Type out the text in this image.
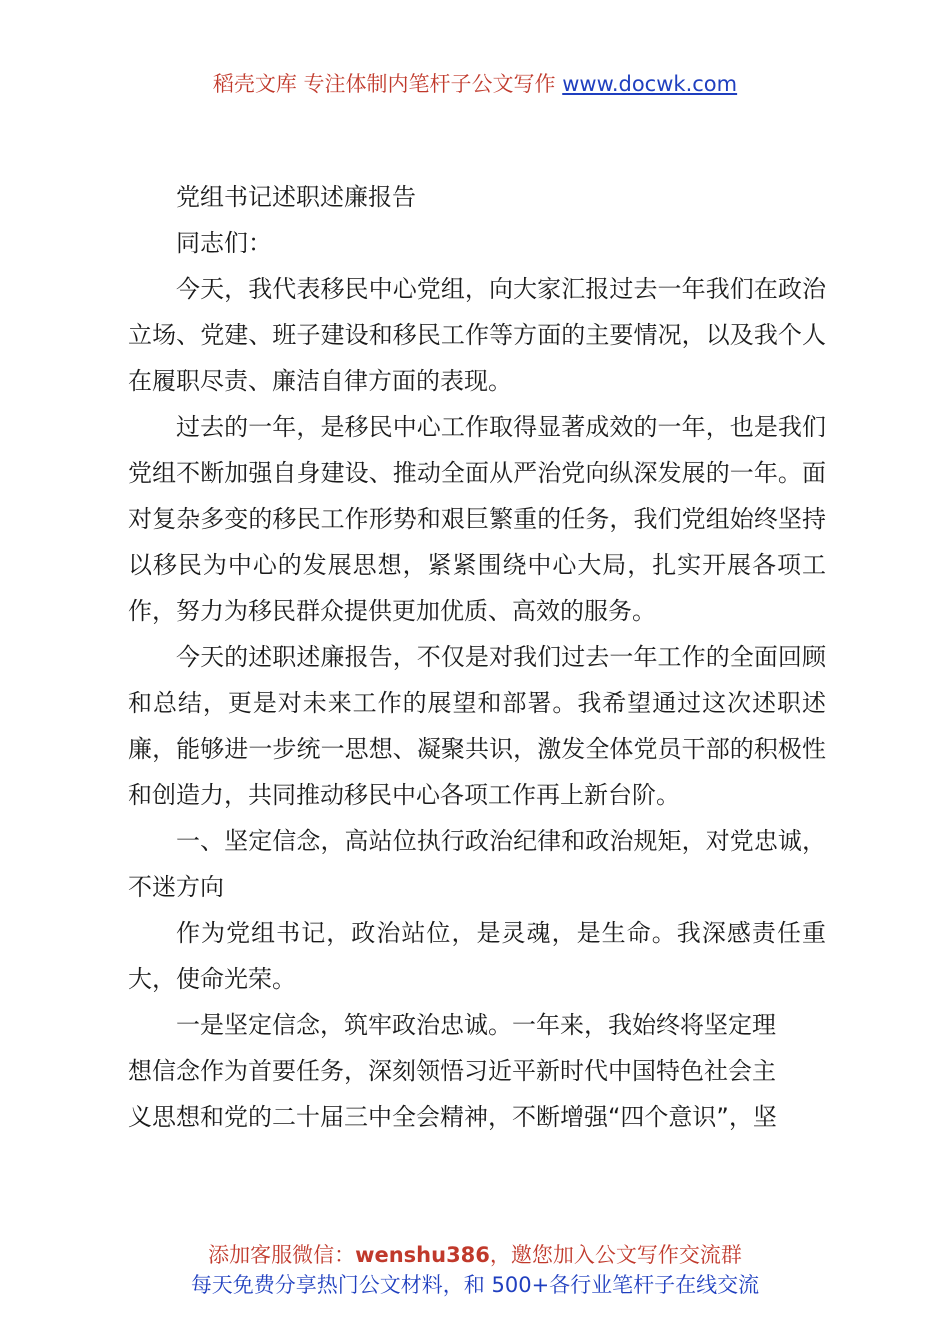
稻壳文库 专注体制内笔杆子公文写作 www.docwk.com

党组书记述职述廉报告

同志们：

今天，我代表移民中心党组，向大家汇报过去一年我们在政治立场、党建、班子建设和移民工作等方面的主要情况，以及我个人在履职尽责、廉洁自律方面的表现。

过去的一年，是移民中心工作取得显著成效的一年，也是我们党组不断加强自身建设、推动全面从严治党向纵深发展的一年。面对复杂多变的移民工作形势和艰巨繁重的任务，我们党组始终坚持以移民为中心的发展思想，紧紧围绕中心大局，扎实开展各项工作，努力为移民群众提供更加优质、高效的服务。

今天的述职述廉报告，不仅是对我们过去一年工作的全面回顾和总结，更是对未来工作的展望和部署。我希望通过这次述职述廉，能够进一步统一思想、凝聚共识，激发全体党员干部的积极性和创造力，共同推动移民中心各项工作再上新台阶。

一、坚定信念，高站位执行政治纪律和政治规矩，对党忠诚，不迷方向

作为党组书记，政治站位，是灵魂，是生命。我深感责任重大，使命光荣。

一是坚定信念，筑牢政治忠诚。一年来，我始终将坚定理

想信念作为首要任务，深刻领悟习近平新时代中国特色社会主

义思想和党的二十届三中全会精神，不断增强“四个意识”，坚

添加客服微信：wenshu386，邀您加入公文写作交流群
每天免费分享热门公文材料，和 500+各行业笔杆子在线交流
